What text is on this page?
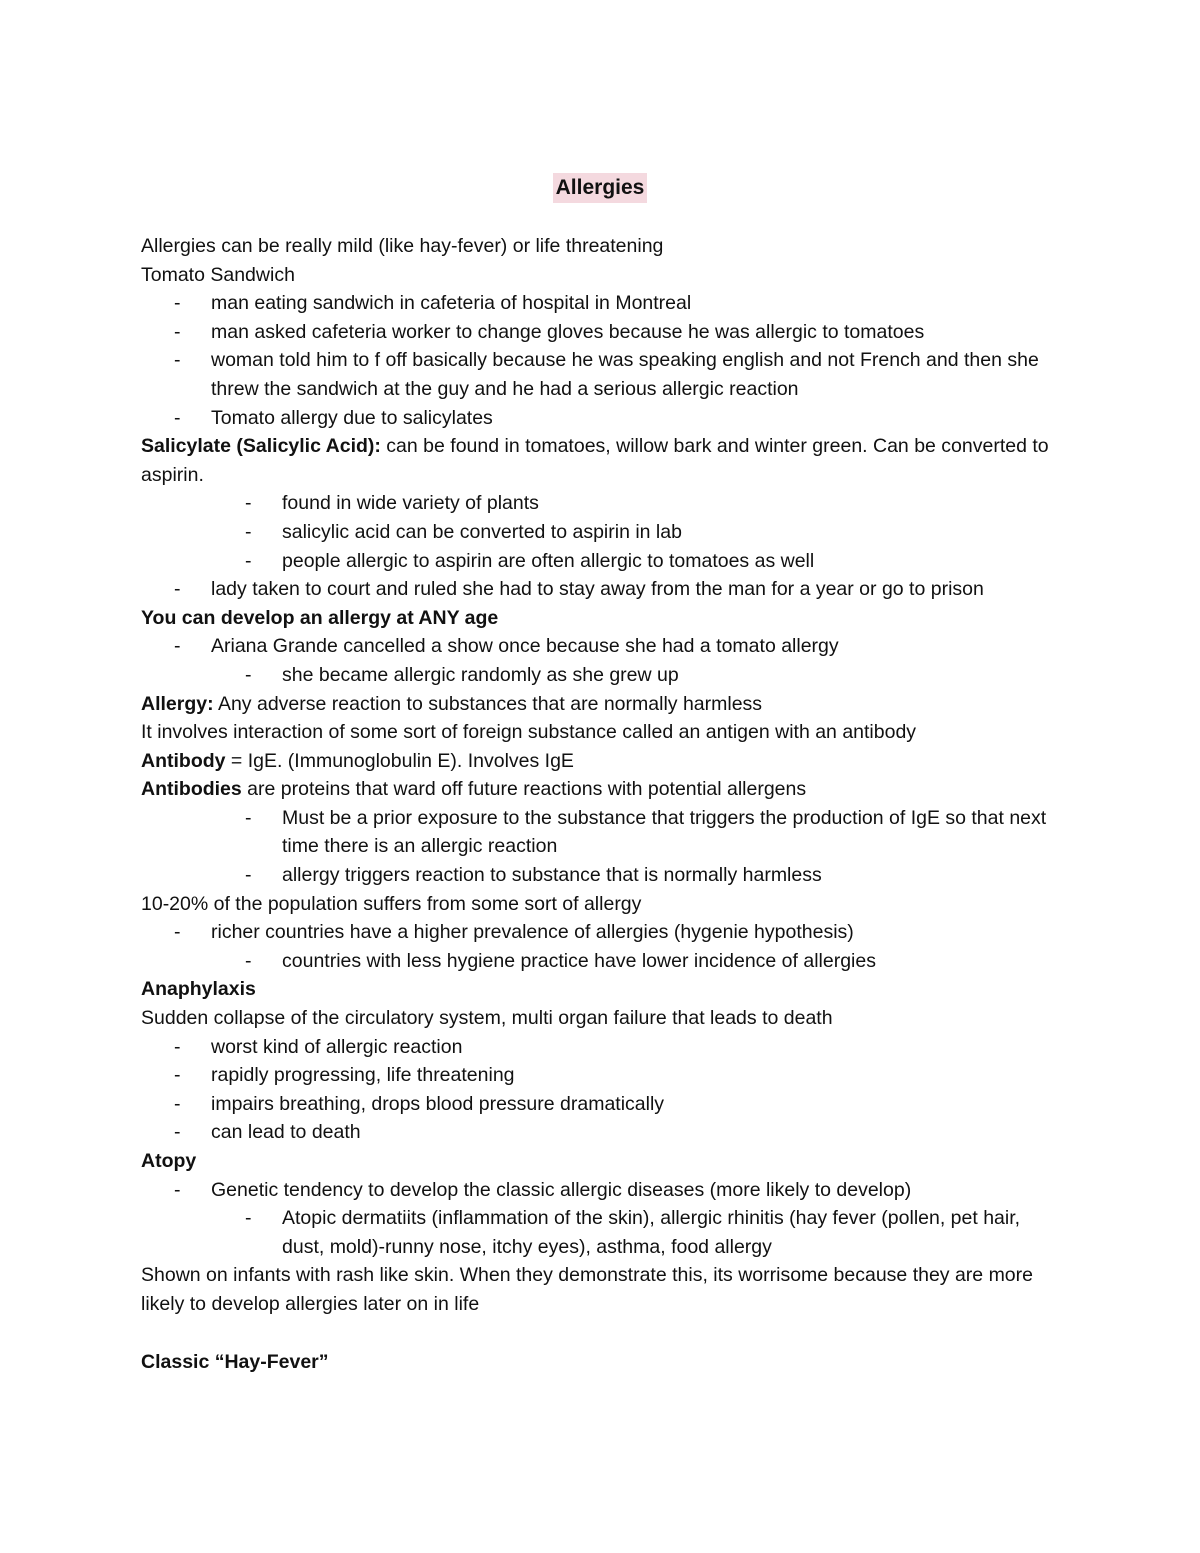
Allergies

Allergies can be really mild (like hay-fever) or life threatening

Tomato Sandwich

- man eating sandwich in cafeteria of hospital in Montreal
- man asked cafeteria worker to change gloves because he was allergic to tomatoes
- woman told him to f off basically because he was speaking english and not French and then she threw the sandwich at the guy and he had a serious allergic reaction
- Tomato allergy due to salicylates

Salicylate (Salicylic Acid): can be found in tomatoes, willow bark and winter green. Can be converted to aspirin.

- found in wide variety of plants
- salicylic acid can be converted to aspirin in lab
- people allergic to aspirin are often allergic to tomatoes as well
- lady taken to court and ruled she had to stay away from the man for a year or go to prison

You can develop an allergy at ANY age

- Ariana Grande cancelled a show once because she had a tomato allergy
- she became allergic randomly as she grew up

Allergy: Any adverse reaction to substances that are normally harmless

It involves interaction of some sort of foreign substance called an antigen with an antibody

Antibody = IgE. (Immunoglobulin E). Involves IgE

Antibodies are proteins that ward off future reactions with potential allergens

- Must be a prior exposure to the substance that triggers the production of IgE so that next time there is an allergic reaction
- allergy triggers reaction to substance that is normally harmless

10-20% of the population suffers from some sort of allergy

- richer countries have a higher prevalence of allergies (hygenie hypothesis)
- countries with less hygiene practice have lower incidence of allergies

Anaphylaxis

Sudden collapse of the circulatory system, multi organ failure that leads to death

- worst kind of allergic reaction
- rapidly progressing, life threatening
- impairs breathing, drops blood pressure dramatically
- can lead to death

Atopy

- Genetic tendency to develop the classic allergic diseases (more likely to develop)
- Atopic dermatiits (inflammation of the skin), allergic rhinitis (hay fever (pollen, pet hair, dust, mold)-runny nose, itchy eyes), asthma, food allergy

Shown on infants with rash like skin. When they demonstrate this, its worrisome because they are more likely to develop allergies later on in life

Classic “Hay-Fever”
